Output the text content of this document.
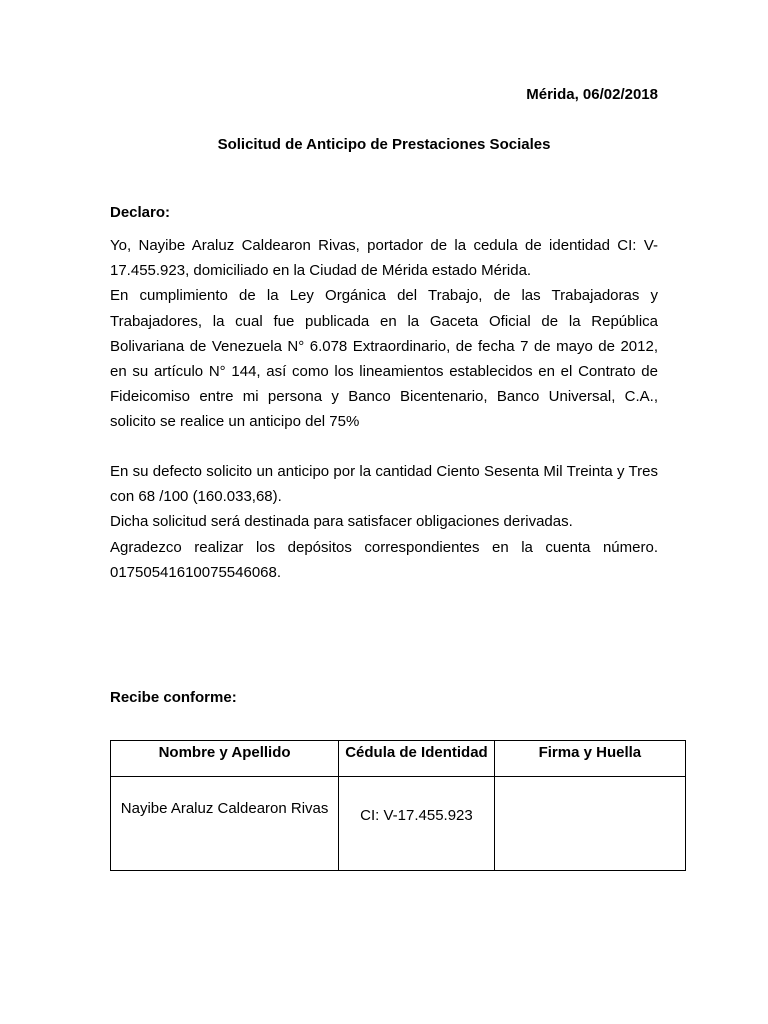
Mérida, 06/02/2018

Solicitud de Anticipo de Prestaciones Sociales

Declaro:

Yo, Nayibe Araluz Caldearon Rivas, portador de la cedula de identidad CI: V-17.455.923, domiciliado en la Ciudad de Mérida estado Mérida.

En cumplimiento de la Ley Orgánica del Trabajo, de las Trabajadoras y Trabajadores, la cual fue publicada en la Gaceta Oficial de la República Bolivariana de Venezuela N° 6.078 Extraordinario, de fecha 7 de mayo de 2012, en su artículo N° 144, así como los lineamientos establecidos en el Contrato de Fideicomiso entre mi persona y Banco Bicentenario, Banco Universal, C.A., solicito se realice un anticipo del 75%

En su defecto solicito un anticipo por la cantidad Ciento Sesenta Mil Treinta y Tres con 68 /100 (160.033,68).

Dicha solicitud será destinada para satisfacer obligaciones derivadas.

Agradezco realizar los depósitos correspondientes en la cuenta número. 01750541610075546068.

Recibe conforme:

Nombre y Apellido	Cédula de Identidad	Firma y Huella
Nayibe Araluz Caldearon Rivas	CI: V-17.455.923	
